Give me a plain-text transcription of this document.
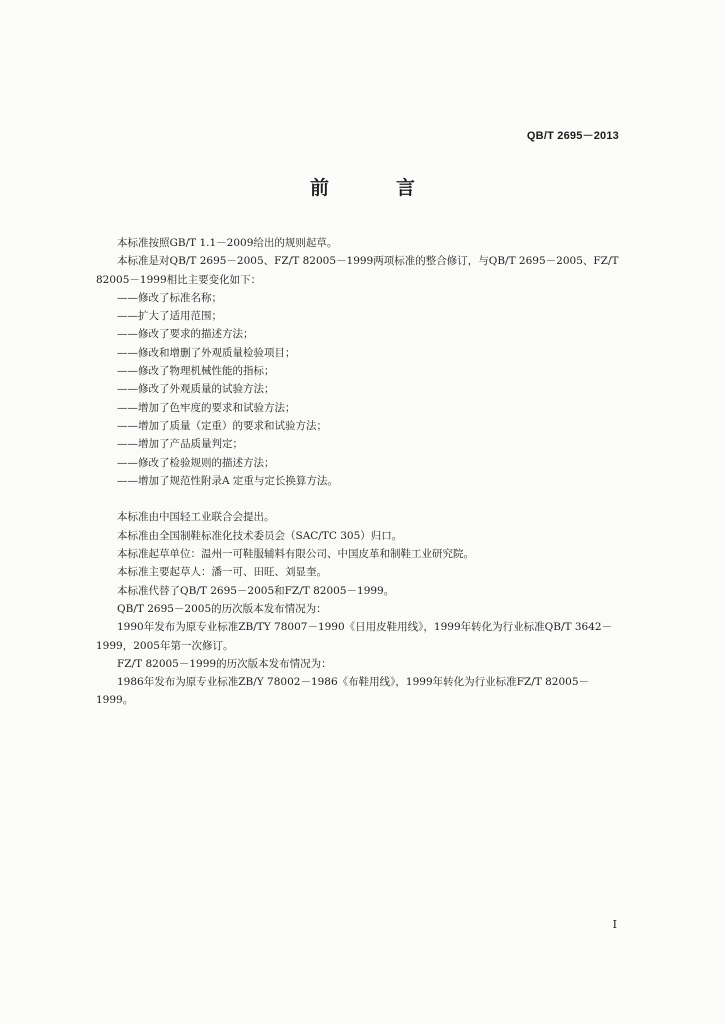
QB/T 2695－2013
前　言

本标准按照GB/T 1.1－2009给出的规则起草。

本标准是对QB/T 2695－2005、FZ/T 82005－1999两项标准的整合修订，与QB/T 2695－2005、FZ/T 82005－1999相比主要变化如下：

——修改了标准名称；

——扩大了适用范围；

——修改了要求的描述方法；

——修改和增删了外观质量检验项目；

——修改了物理机械性能的指标；

——修改了外观质量的试验方法；

——增加了色牢度的要求和试验方法；

——增加了质量（定重）的要求和试验方法；

——增加了产品质量判定；

——修改了检验规则的描述方法；

——增加了规范性附录A 定重与定长换算方法。

本标准由中国轻工业联合会提出。

本标准由全国制鞋标准化技术委员会（SAC/TC 305）归口。

本标准起草单位：温州一可鞋服辅料有限公司、中国皮革和制鞋工业研究院。

本标准主要起草人：潘一可、田旺、刘显奎。

本标准代替了QB/T 2695－2005和FZ/T 82005－1999。

QB/T 2695－2005的历次版本发布情况为：

1990年发布为原专业标准ZB/TY 78007－1990《日用皮鞋用线》，1999年转化为行业标准QB/T 3642－1999，2005年第一次修订。

FZ/T 82005－1999的历次版本发布情况为：

1986年发布为原专业标准ZB/Y 78002－1986《布鞋用线》，1999年转化为行业标准FZ/T 82005－1999。

I
